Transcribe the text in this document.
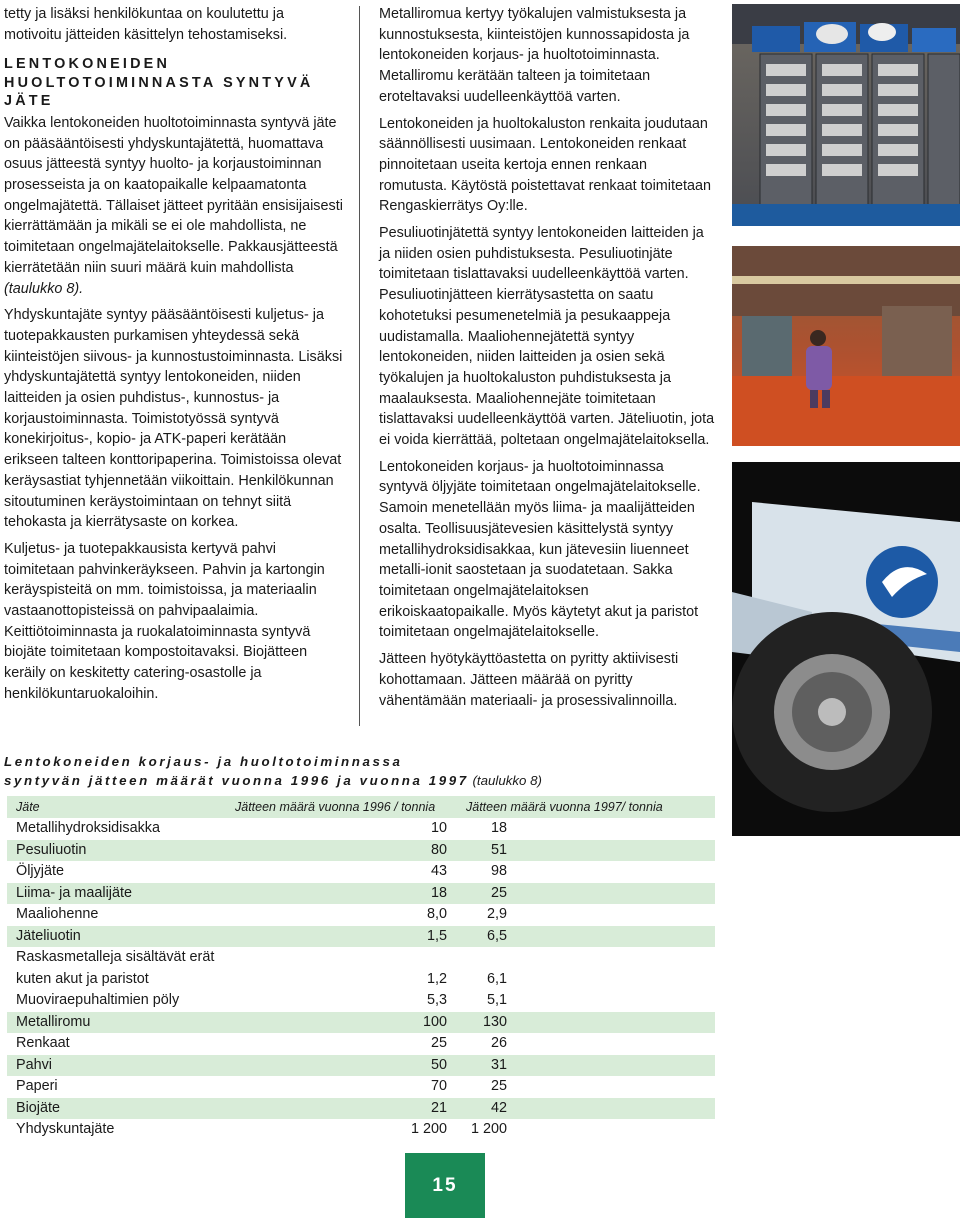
tetty ja lisäksi henkilökuntaa on koulutettu ja motivoitu jätteiden käsittelyn tehostamiseksi.

LENTOKONEIDEN HUOLTOTOIMINNASTA SYNTYVÄ JÄTE

Vaikka lentokoneiden huoltotoiminnasta syntyvä jäte on pääsääntöisesti yhdyskuntajätettä, huomattava osuus jätteestä syntyy huolto- ja korjaustoiminnan prosesseista ja on kaatopaikalle kelpaamatonta ongelmajätettä. Tällaiset jätteet pyritään ensisijaisesti kierrättämään ja mikäli se ei ole mahdollista, ne toimitetaan ongelmajätelaitokselle. Pakkausjätteestä kierrätetään niin suuri määrä kuin mahdollista (taulukko 8).

Yhdyskuntajäte syntyy pääsääntöisesti kuljetus- ja tuotepakkausten purkamisen yhteydessä sekä kiinteistöjen siivous- ja kunnostustoiminnasta. Lisäksi yhdyskuntajätettä syntyy lentokoneiden, niiden laitteiden ja osien puhdistus-, kunnostus- ja korjaustoiminnasta. Toimistotyössä syntyvä konekirjoitus-, kopio- ja ATK-paperi kerätään erikseen talteen konttoripaperina. Toimistoissa olevat keräysastiat tyhjennetään viikoittain. Henkilökunnan sitoutuminen keräystoimintaan on tehnyt siitä tehokasta ja kierrätysaste on korkea.

Kuljetus- ja tuotepakkausista kertyvä pahvi toimitetaan pahvinkeräykseen. Pahvin ja kartongin keräyspisteitä on mm. toimistoissa, ja materiaalin vastaanottopisteissä on pahvipaalaimia. Keittiötoiminnasta ja ruokalatoiminnasta syntyvä biojäte toimitetaan kompostoitavaksi. Biojätteen keräily on keskitetty catering-osastolle ja henkilökuntaruokaloihin.

Metalliromua kertyy työkalujen valmistuksesta ja kunnostuksesta, kiinteistöjen kunnossapidosta ja lentokoneiden korjaus- ja huoltotoiminnasta. Metalliromu kerätään talteen ja toimitetaan eroteltavaksi uudelleenkäyttöä varten.

Lentokoneiden ja huoltokaluston renkaita joudutaan säännöllisesti uusimaan. Lentokoneiden renkaat pinnoitetaan useita kertoja ennen renkaan romutusta. Käytöstä poistettavat renkaat toimitetaan Rengaskierrätys Oy:lle.

Pesuliuotinjätettä syntyy lentokoneiden laitteiden ja ja niiden osien puhdistuksesta. Pesuliuotinjäte toimitetaan tislattavaksi uudelleenkäyttöä varten. Pesuliuotinjätteen kierrätysastetta on saatu kohotetuksi pesumenetelmiä ja pesukaappeja uudistamalla. Maaliohennejätettä syntyy lentokoneiden, niiden laitteiden ja osien sekä työkalujen ja huoltokaluston puhdistuksesta ja maalauksesta. Maaliohennejäte toimitetaan tislattavaksi uudelleenkäyttöä varten. Jäteliuotin, jota ei voida kierrättää, poltetaan ongelmajätelaitoksella.

Lentokoneiden korjaus- ja huoltotoiminnassa syntyvä öljyjäte toimitetaan ongelmajätelaitokselle. Samoin menetellään myös liima- ja maalijätteiden osalta. Teollisuusjätevesien käsittelystä syntyy metallihydroksidisakkaa, kun jätevesiin liuenneet metalli-ionit saostetaan ja suodatetaan. Sakka toimitetaan ongelmajätelaitoksen erikoiskaatopaikalle. Myös käytetyt akut ja paristot toimitetaan ongelmajätelaitokselle.

Jätteen hyötykäyttöastetta on pyritty aktiivisesti kohottamaan. Jätteen määrää on pyritty vähentämään materiaali- ja prosessivalinnoilla.

Lentokoneiden korjaus- ja huoltotoiminnassa
syntyvän jätteen määrät vuonna 1996 ja vuonna 1997 (taulukko 8)
Jäte	Jätteen määrä vuonna 1996 / tonnia	Jätteen määrä vuonna 1997/ tonnia
Metallihydroksidisakka	10	18
Pesuliuotin	80	51
Öljyjäte	43	98
Liima- ja maalijäte	18	25
Maaliohenne	8,0	2,9
Jäteliuotin	1,5	6,5
Raskasmetalleja sisältävät erät		
kuten akut ja paristot	1,2	6,1
Muoviraepuhaltimien pöly	5,3	5,1
Metalliromu	100	130
Renkaat	25	26
Pahvi	50	31
Paperi	70	25
Biojäte	21	42
Yhdyskuntajäte	1 200	1 200
15
